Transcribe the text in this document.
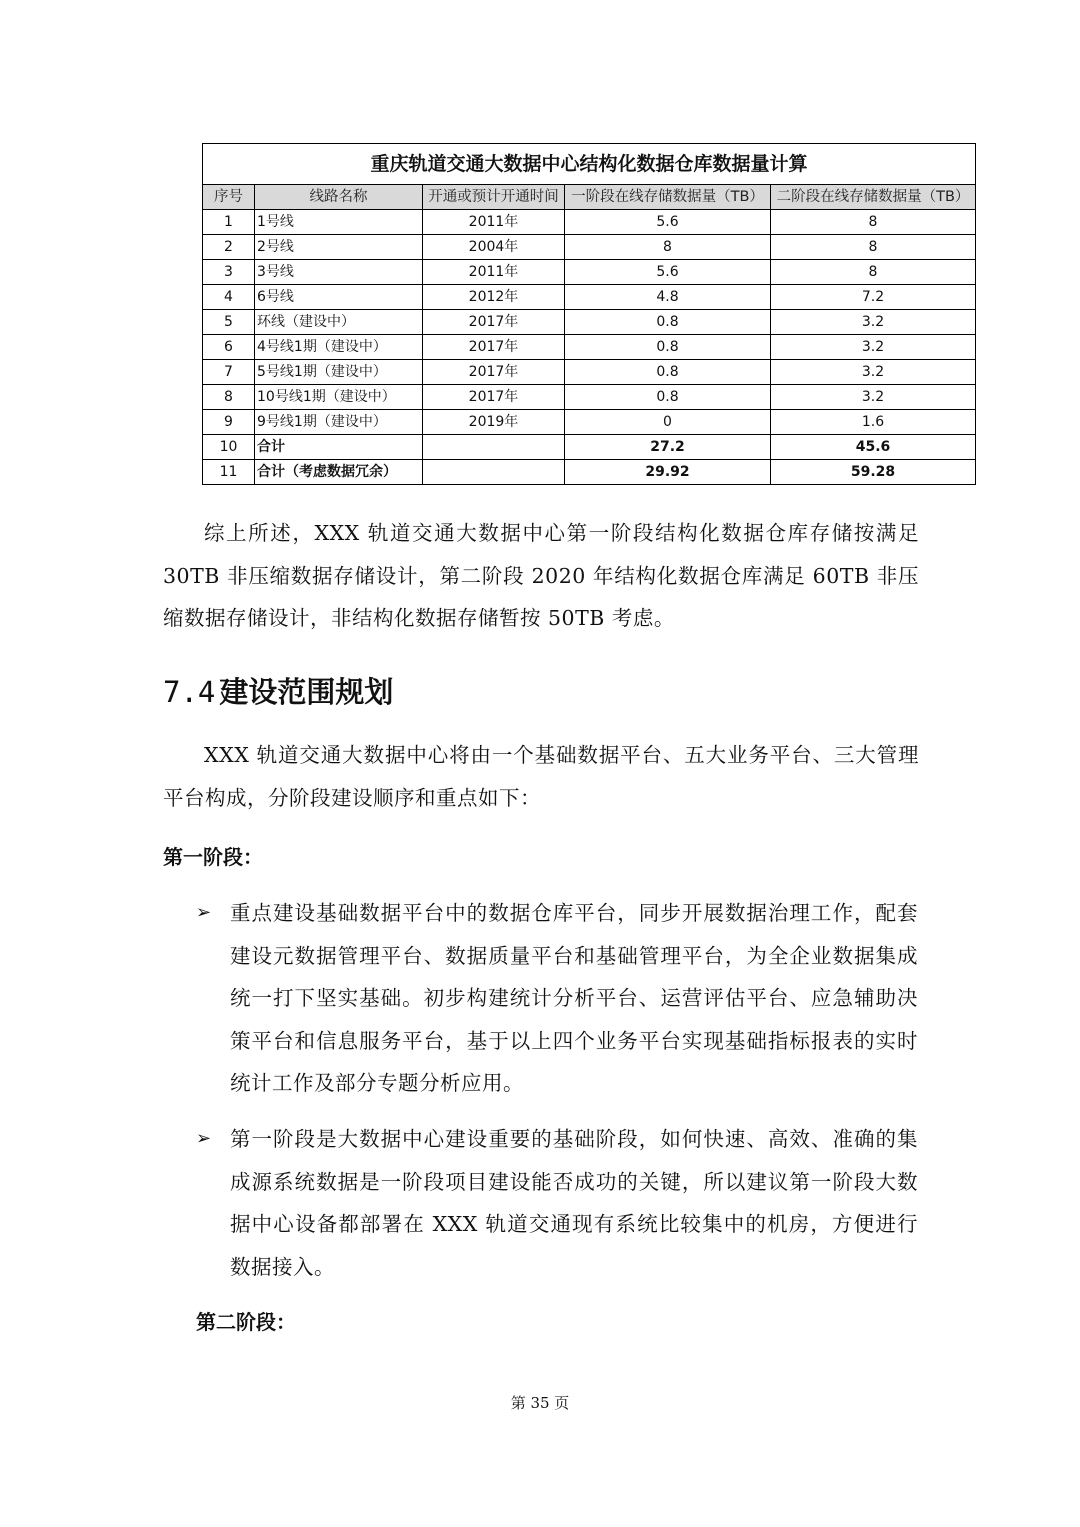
重庆轨道交通大数据中心结构化数据仓库数据量计算
序号	线路名称	开通或预计开通时间	一阶段在线存储数据量（TB）	二阶段在线存储数据量（TB）
1	1号线	2011年	5.6	8
2	2号线	2004年	8	8
3	3号线	2011年	5.6	8
4	6号线	2012年	4.8	7.2
5	环线（建设中）	2017年	0.8	3.2
6	4号线1期（建设中）	2017年	0.8	3.2
7	5号线1期（建设中）	2017年	0.8	3.2
8	10号线1期（建设中）	2017年	0.8	3.2
9	9号线1期（建设中）	2019年	0	1.6
10	合计		27.2	45.6
11	合计（考虑数据冗余）		29.92	59.28

综上所述，XXX 轨道交通大数据中心第一阶段结构化数据仓库存储按满足 30TB 非压缩数据存储设计，第二阶段 2020 年结构化数据仓库满足 60TB 非压缩数据存储设计，非结构化数据存储暂按 50TB 考虑。

7.4 建设范围规划

XXX 轨道交通大数据中心将由一个基础数据平台、五大业务平台、三大管理平台构成，分阶段建设顺序和重点如下：

第一阶段：
➢ 重点建设基础数据平台中的数据仓库平台，同步开展数据治理工作，配套建设元数据管理平台、数据质量平台和基础管理平台，为全企业数据集成统一打下坚实基础。初步构建统计分析平台、运营评估平台、应急辅助决策平台和信息服务平台，基于以上四个业务平台实现基础指标报表的实时统计工作及部分专题分析应用。
➢ 第一阶段是大数据中心建设重要的基础阶段，如何快速、高效、准确的集成源系统数据是一阶段项目建设能否成功的关键，所以建议第一阶段大数据中心设备都部署在 XXX 轨道交通现有系统比较集中的机房，方便进行数据接入。
第二阶段：
第 35 页
